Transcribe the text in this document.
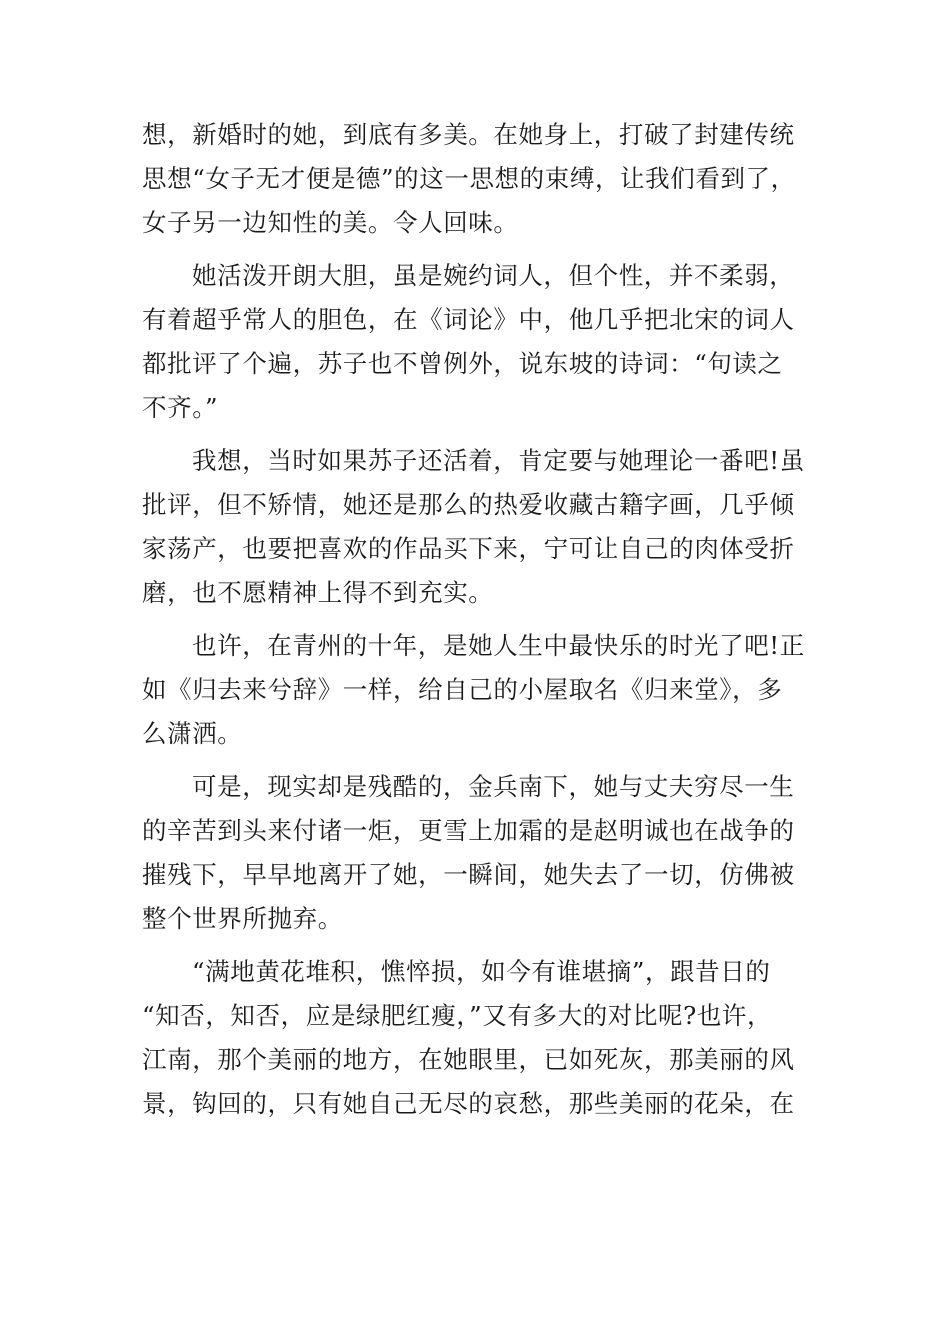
想，新婚时的她，到底有多美。在她身上，打破了封建传统
思想“女子无才便是德”的这一思想的束缚，让我们看到了，
女子另一边知性的美。令人回味。
她活泼开朗大胆，虽是婉约词人，但个性，并不柔弱，
有着超乎常人的胆色，在《词论》中，他几乎把北宋的词人
都批评了个遍，苏子也不曾例外，说东坡的诗词：“句读之
不齐。”
我想，当时如果苏子还活着，肯定要与她理论一番吧!虽
批评，但不矫情，她还是那么的热爱收藏古籍字画，几乎倾
家荡产，也要把喜欢的作品买下来，宁可让自己的肉体受折
磨，也不愿精神上得不到充实。
也许，在青州的十年，是她人生中最快乐的时光了吧!正
如《归去来兮辞》一样，给自己的小屋取名《归来堂》，多
么潇洒。
可是，现实却是残酷的，金兵南下，她与丈夫穷尽一生
的辛苦到头来付诸一炬，更雪上加霜的是赵明诚也在战争的
摧残下，早早地离开了她，一瞬间，她失去了一切，仿佛被
整个世界所抛弃。
“满地黄花堆积，憔悴损，如今有谁堪摘”，跟昔日的
“知否，知否，应是绿肥红瘦，”又有多大的对比呢?也许，
江南，那个美丽的地方，在她眼里，已如死灰，那美丽的风
景，钩回的，只有她自己无尽的哀愁，那些美丽的花朵，在
